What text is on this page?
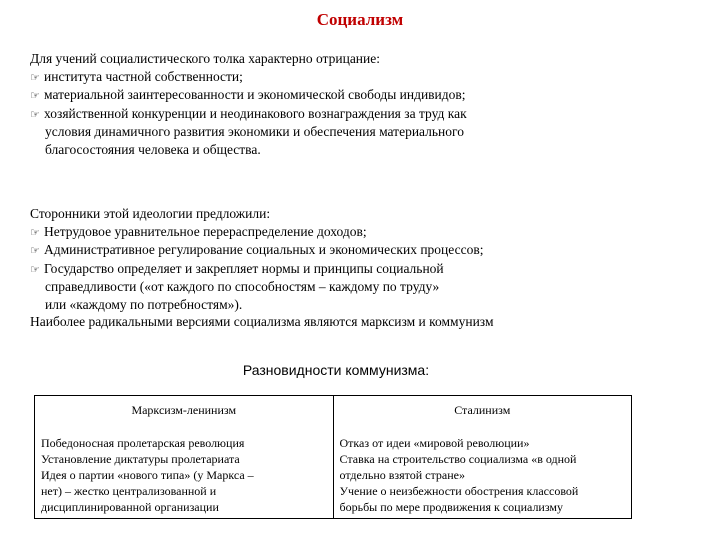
Социализм
Для учений социалистического толка характерно отрицание:
☞ института частной собственности;
☞ материальной заинтересованности и экономической свободы индивидов;
☞ хозяйственной конкуренции и неодинакового вознаграждения за труд как
условия динамичного развития экономики и обеспечения материального
благосостояния человека и общества.
Сторонники этой идеологии предложили:
☞ Нетрудовое уравнительное перераспределение доходов;
☞ Административное регулирование социальных и экономических процессов;
☞ Государство определяет и закрепляет нормы и принципы социальной
справедливости («от каждого по способностям – каждому по труду»
или «каждому по потребностям»).
Наиболее радикальными версиями социализма являются марксизм и коммунизм
Разновидности коммунизма:
Марксизм-ленинизм
Победоносная пролетарская революция
Установление диктатуры пролетариата
Идея о партии «нового типа» (у Маркса –
нет) – жестко централизованной и
дисциплинированной организации
Сталинизм
Отказ от идеи «мировой революции»
Ставка на строительство социализма «в одной
отдельно взятой стране»
Учение о неизбежности обострения классовой
борьбы по мере продвижения к социализму
